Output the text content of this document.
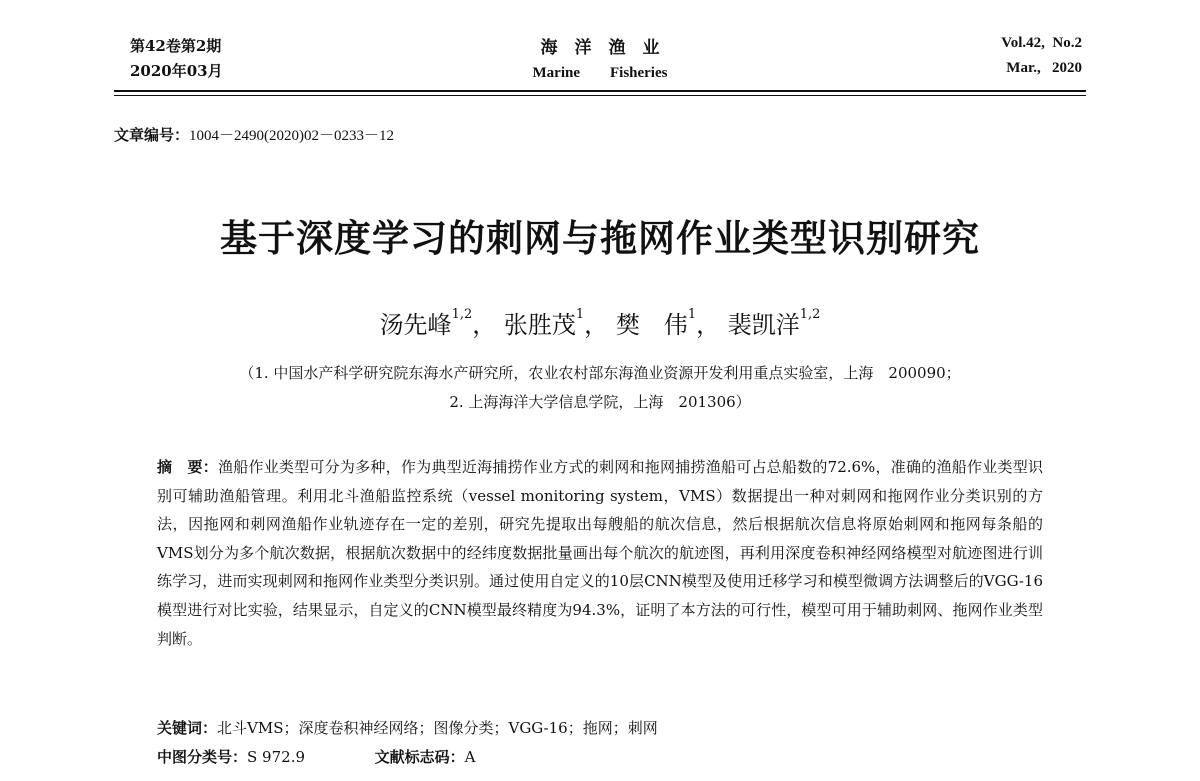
第42卷第2期
2020年03月
海　洋　渔　业
Marine　　Fisheries
Vol.42,  No.2
Mar.,   2020
文章编号：1004－2490(2020)02－0233－12
基于深度学习的刺网与拖网作业类型识别研究
汤先峰$^{1,2}$， 张胜茂$^1$， 樊　伟$^1$， 裴凯洋$^{1,2}$
（1. 中国水产科学研究院东海水产研究所，农业农村部东海渔业资源开发利用重点实验室，上海　200090；
2. 上海海洋大学信息学院，上海　201306）
摘　要：渔船作业类型可分为多种，作为典型近海捕捞作业方式的刺网和拖网捕捞渔船可占总船数的72.6%，准确的渔船作业类型识别可辅助渔船管理。利用北斗渔船监控系统（vessel monitoring system，VMS）数据提出一种对刺网和拖网作业分类识别的方法，因拖网和刺网渔船作业轨迹存在一定的差别，研究先提取出每艘船的航次信息，然后根据航次信息将原始刺网和拖网每条船的VMS划分为多个航次数据，根据航次数据中的经纬度数据批量画出每个航次的航迹图，再利用深度卷积神经网络模型对航迹图进行训练学习，进而实现刺网和拖网作业类型分类识别。通过使用自定义的10层CNN模型及使用迁移学习和模型微调方法调整后的VGG-16模型进行对比实验，结果显示，自定义的CNN模型最终精度为94.3%，证明了本方法的可行性，模型可用于辅助刺网、拖网作业类型判断。
关键词：北斗VMS；深度卷积神经网络；图像分类；VGG-16；拖网；刺网
中图分类号：S 972.9	文献标志码：A
